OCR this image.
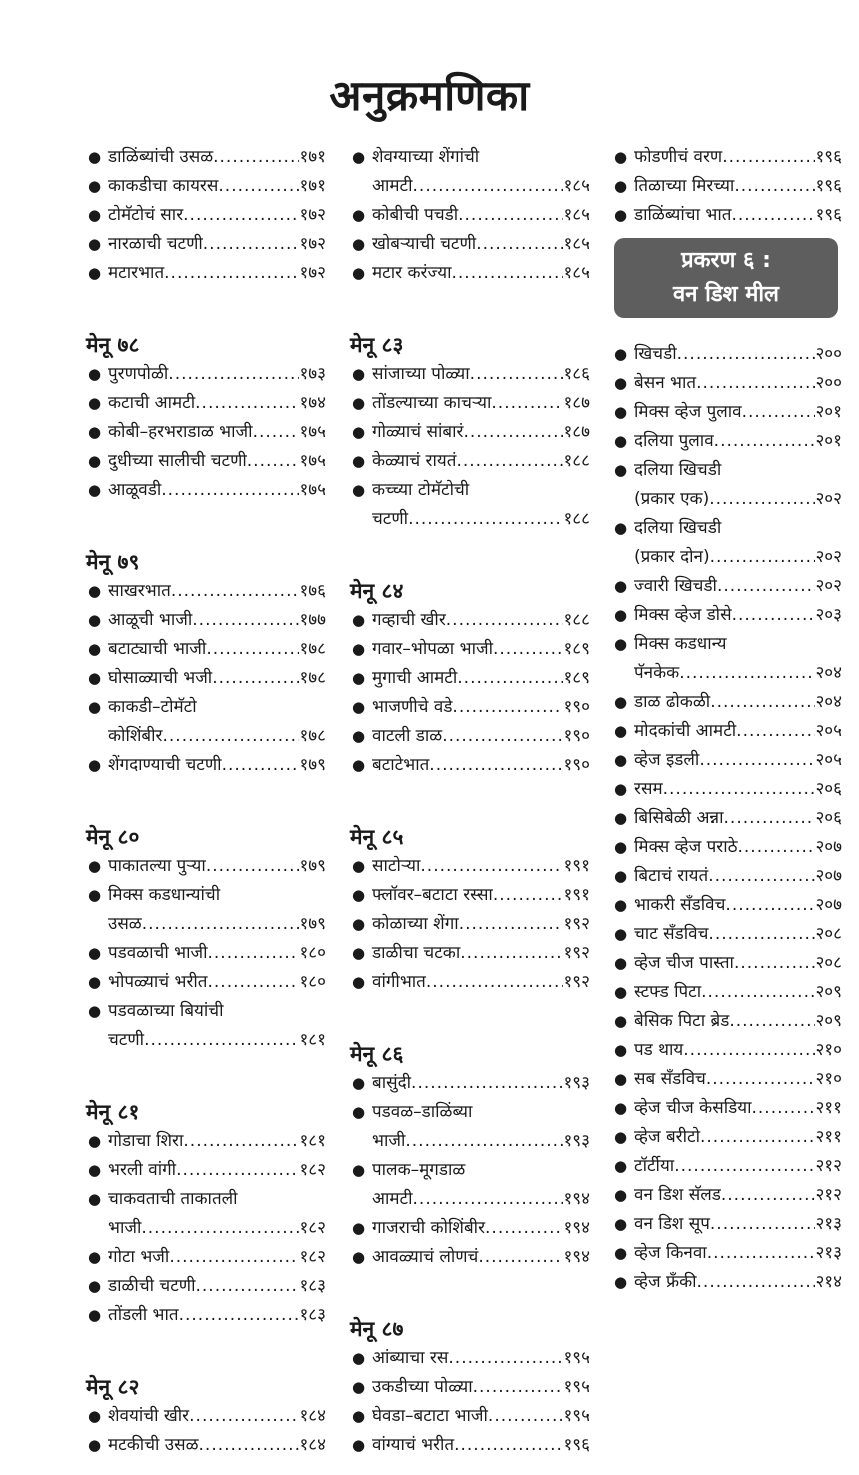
अनुक्रमणिका
● डाळिंब्यांची उसळ .....	१७१
● काकडीचा कायरस .....	१७१
● टोमॅटोचं सार .....	१७२
● नारळाची चटणी .....	१७२
● मटारभात .....	१७२
मेनू ७८
● पुरणपोळी .....	१७३
● कटाची आमटी .....	१७४
● कोबी–हरभराडाळ भाजी .....	१७५
● दुधीच्या सालीची चटणी .....	१७५
● आळूवडी .....	१७५
मेनू ७९
● साखरभात .....	१७६
● आळूची भाजी .....	१७७
● बटाट्याची भाजी .....	१७८
● घोसाळ्याची भजी .....	१७८
● काकडी–टोमॅटो
कोशिंबीर .....	१७८
● शेंगदाण्याची चटणी .....	१७९
मेनू ८०
● पाकातल्या पुऱ्या .....	१७९
● मिक्स कडधान्यांची
उसळ .....	१७९
● पडवळाची भाजी .....	१८०
● भोपळ्याचं भरीत .....	१८०
● पडवळाच्या बियांची
चटणी .....	१८१
मेनू ८१
● गोडाचा शिरा .....	१८१
● भरली वांगी .....	१८२
● चाकवताची ताकातली
भाजी .....	१८२
● गोटा भजी .....	१८२
● डाळीची चटणी .....	१८३
● तोंडली भात .....	१८३
मेनू ८२
● शेवयांची खीर .....	१८४
● मटकीची उसळ .....	१८४
● शेवग्याच्या शेंगांची
आमटी .....	१८५
● कोबीची पचडी .....	१८५
● खोबऱ्याची चटणी .....	१८५
● मटार करंज्या .....	१८५
मेनू ८३
● सांजाच्या पोळ्या .....	१८६
● तोंडल्याच्या काचऱ्या .....	१८७
● गोळ्याचं सांबारं .....	१८७
● केळ्याचं रायतं .....	१८८
● कच्च्या टोमॅटोची
चटणी .....	१८८
मेनू ८४
● गव्हाची खीर .....	१८८
● गवार–भोपळा भाजी .....	१८९
● मुगाची आमटी .....	१८९
● भाजणीचे वडे .....	१९०
● वाटली डाळ .....	१९०
● बटाटेभात .....	१९०
मेनू ८५
● साटोऱ्या .....	१९१
● फ्लॉवर–बटाटा रस्सा .....	१९१
● कोळाच्या शेंगा .....	१९२
● डाळीचा चटका .....	१९२
● वांगीभात .....	१९२
मेनू ८६
● बासुंदी .....	१९३
● पडवळ–डाळिंब्या
भाजी .....	१९३
● पालक–मूगडाळ
आमटी .....	१९४
● गाजराची कोशिंबीर .....	१९४
● आवळ्याचं लोणचं .....	१९४
मेनू ८७
● आंब्याचा रस .....	१९५
● उकडीच्या पोळ्या .....	१९५
● घेवडा–बटाटा भाजी .....	१९५
● वांग्याचं भरीत .....	१९६
● फोडणीचं वरण .....	१९६
● तिळाच्या मिरच्या .....	१९६
● डाळिंब्यांचा भात .....	१९६
प्रकरण ६ :
वन डिश मील
● खिचडी .....	२००
● बेसन भात .....	२००
● मिक्स व्हेज पुलाव .....	२०१
● दलिया पुलाव .....	२०१
● दलिया खिचडी
(प्रकार एक) .....	२०२
● दलिया खिचडी
(प्रकार दोन) .....	२०२
● ज्वारी खिचडी .....	२०२
● मिक्स व्हेज डोसे .....	२०३
● मिक्स कडधान्य
पॅनकेक .....	२०४
● डाळ ढोकळी .....	२०४
● मोदकांची आमटी .....	२०५
● व्हेज इडली .....	२०५
● रसम .....	२०६
● बिसिबेळी अन्ना .....	२०६
● मिक्स व्हेज पराठे .....	२०७
● बिटाचं रायतं .....	२०७
● भाकरी सँडविच .....	२०७
● चाट सँडविच .....	२०८
● व्हेज चीज पास्ता .....	२०८
● स्टफ्ड पिटा .....	२०९
● बेसिक पिटा ब्रेड .....	२०९
● पड थाय .....	२१०
● सब सँडविच .....	२१०
● व्हेज चीज केसडिया .....	२११
● व्हेज बरीटो .....	२११
● टॉर्टीया .....	२१२
● वन डिश सॅलड .....	२१२
● वन डिश सूप .....	२१३
● व्हेज किनवा .....	२१३
● व्हेज फ्रँकी .....	२१४
